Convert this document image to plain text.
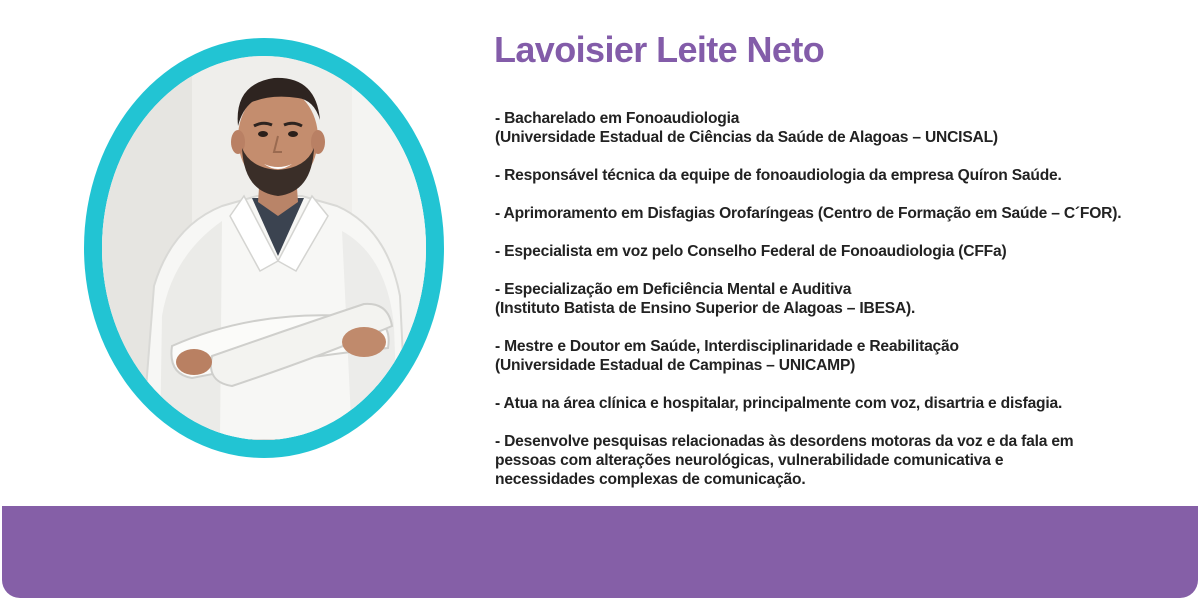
Lavoisier Leite Neto
- Bacharelado em Fonoaudiologia
(Universidade Estadual de Ciências da Saúde de Alagoas – UNCISAL)
- Responsável técnica da equipe de fonoaudiologia da empresa Quíron Saúde.
- Aprimoramento em Disfagias Orofaríngeas (Centro de Formação em Saúde – C´FOR).
- Especialista em voz pelo Conselho Federal de Fonoaudiologia (CFFa)
- Especialização em Deficiência Mental e Auditiva
(Instituto Batista de Ensino Superior de Alagoas – IBESA).
- Mestre e Doutor em Saúde, Interdisciplinaridade e Reabilitação
(Universidade Estadual de Campinas – UNICAMP)
- Atua na área clínica e hospitalar, principalmente com voz, disartria e disfagia.
- Desenvolve pesquisas relacionadas às desordens motoras da voz e da fala em
pessoas com alterações neurológicas, vulnerabilidade comunicativa e
necessidades complexas de comunicação.
